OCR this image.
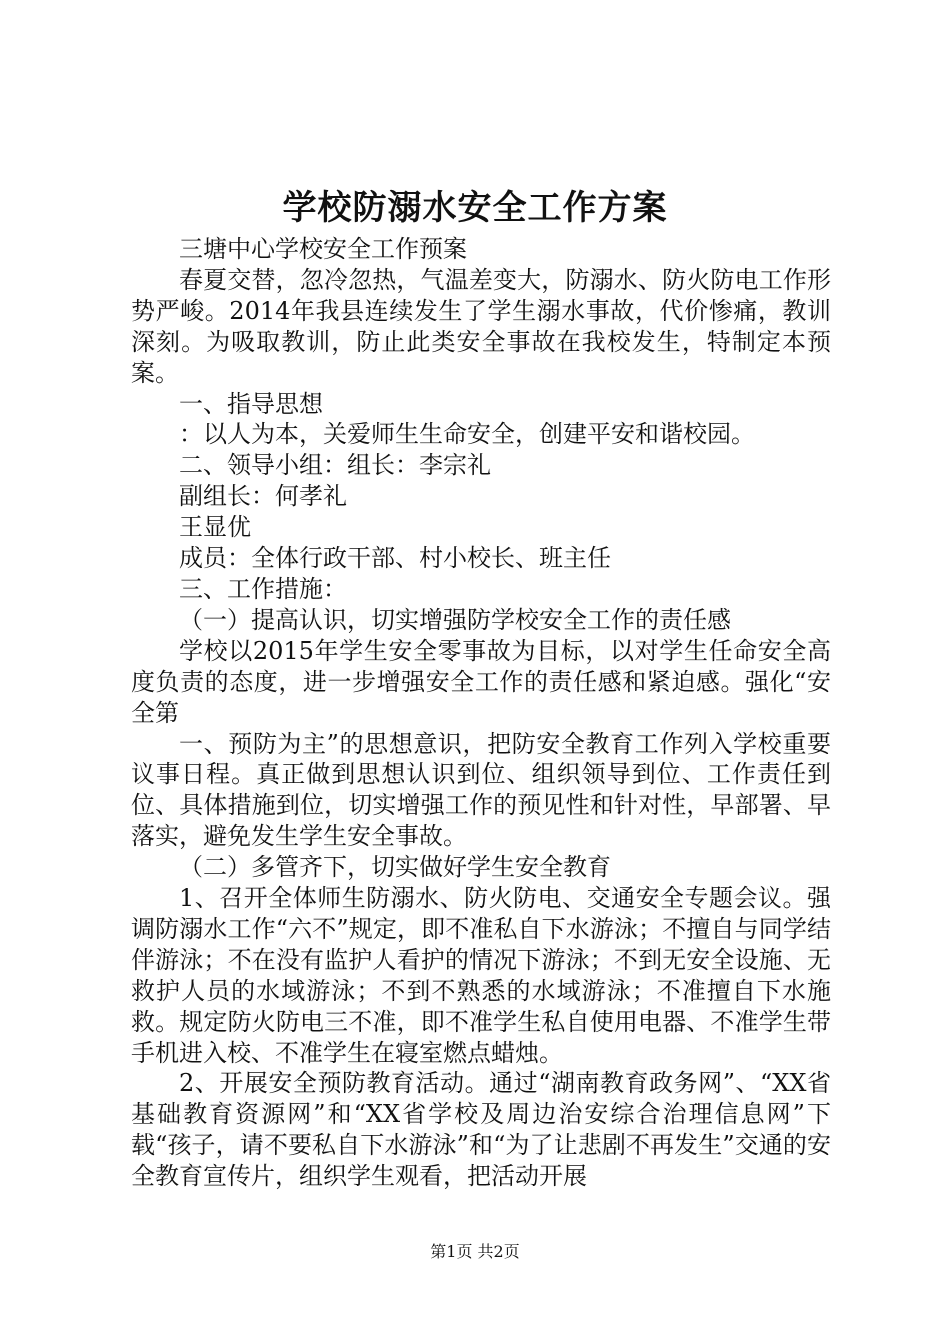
学校防溺水安全工作方案

三塘中心学校安全工作预案

春夏交替，忽冷忽热，气温差变大，防溺水、防火防电工作形势严峻。2014年我县连续发生了学生溺水事故，代价惨痛，教训深刻。为吸取教训，防止此类安全事故在我校发生，特制定本预案。

一、指导思想

：以人为本，关爱师生生命安全，创建平安和谐校园。

二、领导小组：组长：李宗礼

副组长：何孝礼

王显优

成员：全体行政干部、村小校长、班主任

三、工作措施：

（一）提高认识，切实增强防学校安全工作的责任感

学校以2015年学生安全零事故为目标，以对学生任命安全高度负责的态度，进一步增强安全工作的责任感和紧迫感。强化“安全第

一、预防为主”的思想意识，把防安全教育工作列入学校重要议事日程。真正做到思想认识到位、组织领导到位、工作责任到位、具体措施到位，切实增强工作的预见性和针对性，早部署、早落实，避免发生学生安全事故。

（二）多管齐下，切实做好学生安全教育

1、召开全体师生防溺水、防火防电、交通安全专题会议。强调防溺水工作“六不”规定，即不准私自下水游泳；不擅自与同学结伴游泳；不在没有监护人看护的情况下游泳；不到无安全设施、无救护人员的水域游泳；不到不熟悉的水域游泳；不准擅自下水施救。规定防火防电三不准，即不准学生私自使用电器、不准学生带手机进入校、不准学生在寝室燃点蜡烛。

2、开展安全预防教育活动。通过“湖南教育政务网”、“XX省基础教育资源网”和“XX省学校及周边治安综合治理信息网”下载“孩子，请不要私自下水游泳”和“为了让悲剧不再发生”交通的安全教育宣传片，组织学生观看，把活动开展

第1页 共2页
